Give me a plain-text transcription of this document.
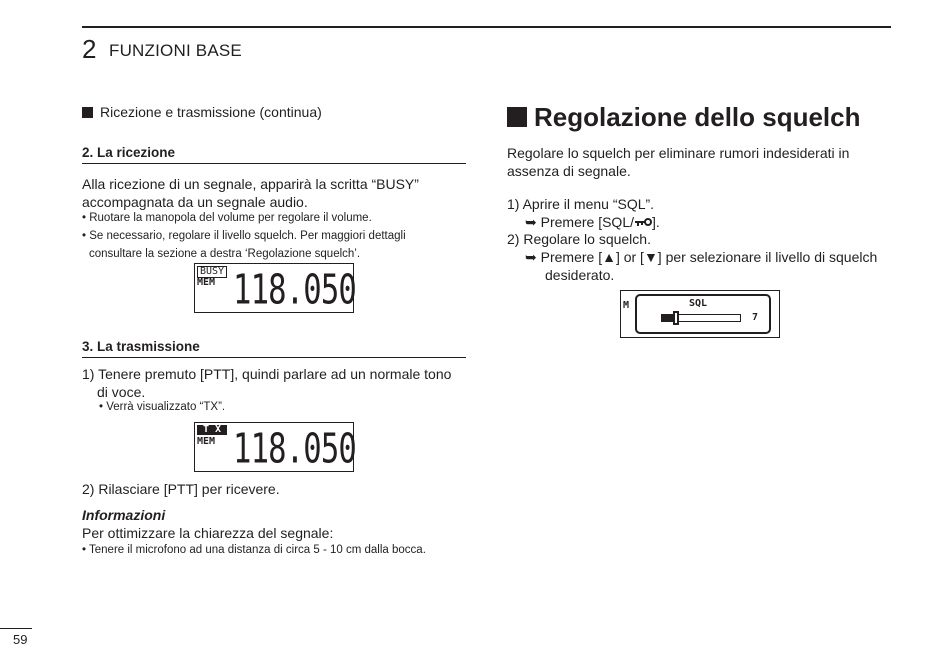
2 FUNZIONI BASE
Ricezione e trasmissione (continua)
2. La ricezione
Alla ricezione di un segnale, apparirà la scritta “BUSY”
accompagnata da un segnale audio.
• Ruotare la manopola del volume per regolare il volume.
• Se necessario, regolare il livello squelch. Per maggiori dettagli
consultare la sezione a destra ‘Regolazione squelch’.
BUSY
MEM 118.050
3. La trasmissione
1) Tenere premuto [PTT], quindi parlare ad un normale tono
di voce.
• Verrà visualizzato “TX”.
T X
MEM 118.050
2) Rilasciare [PTT] per ricevere.
Informazioni
Per ottimizzare la chiarezza del segnale:
• Tenere il microfono ad una distanza di circa 5 - 10 cm dalla bocca.
Regolazione dello squelch
Regolare lo squelch per eliminare rumori indesiderati in
assenza di segnale.
1) Aprire il menu “SQL”.
➥ Premere [SQL/ ].
2) Regolare lo squelch.
➥ Premere [▲] or [▼] per selezionare il livello di squelch
desiderato.
M	SQL
7
59
